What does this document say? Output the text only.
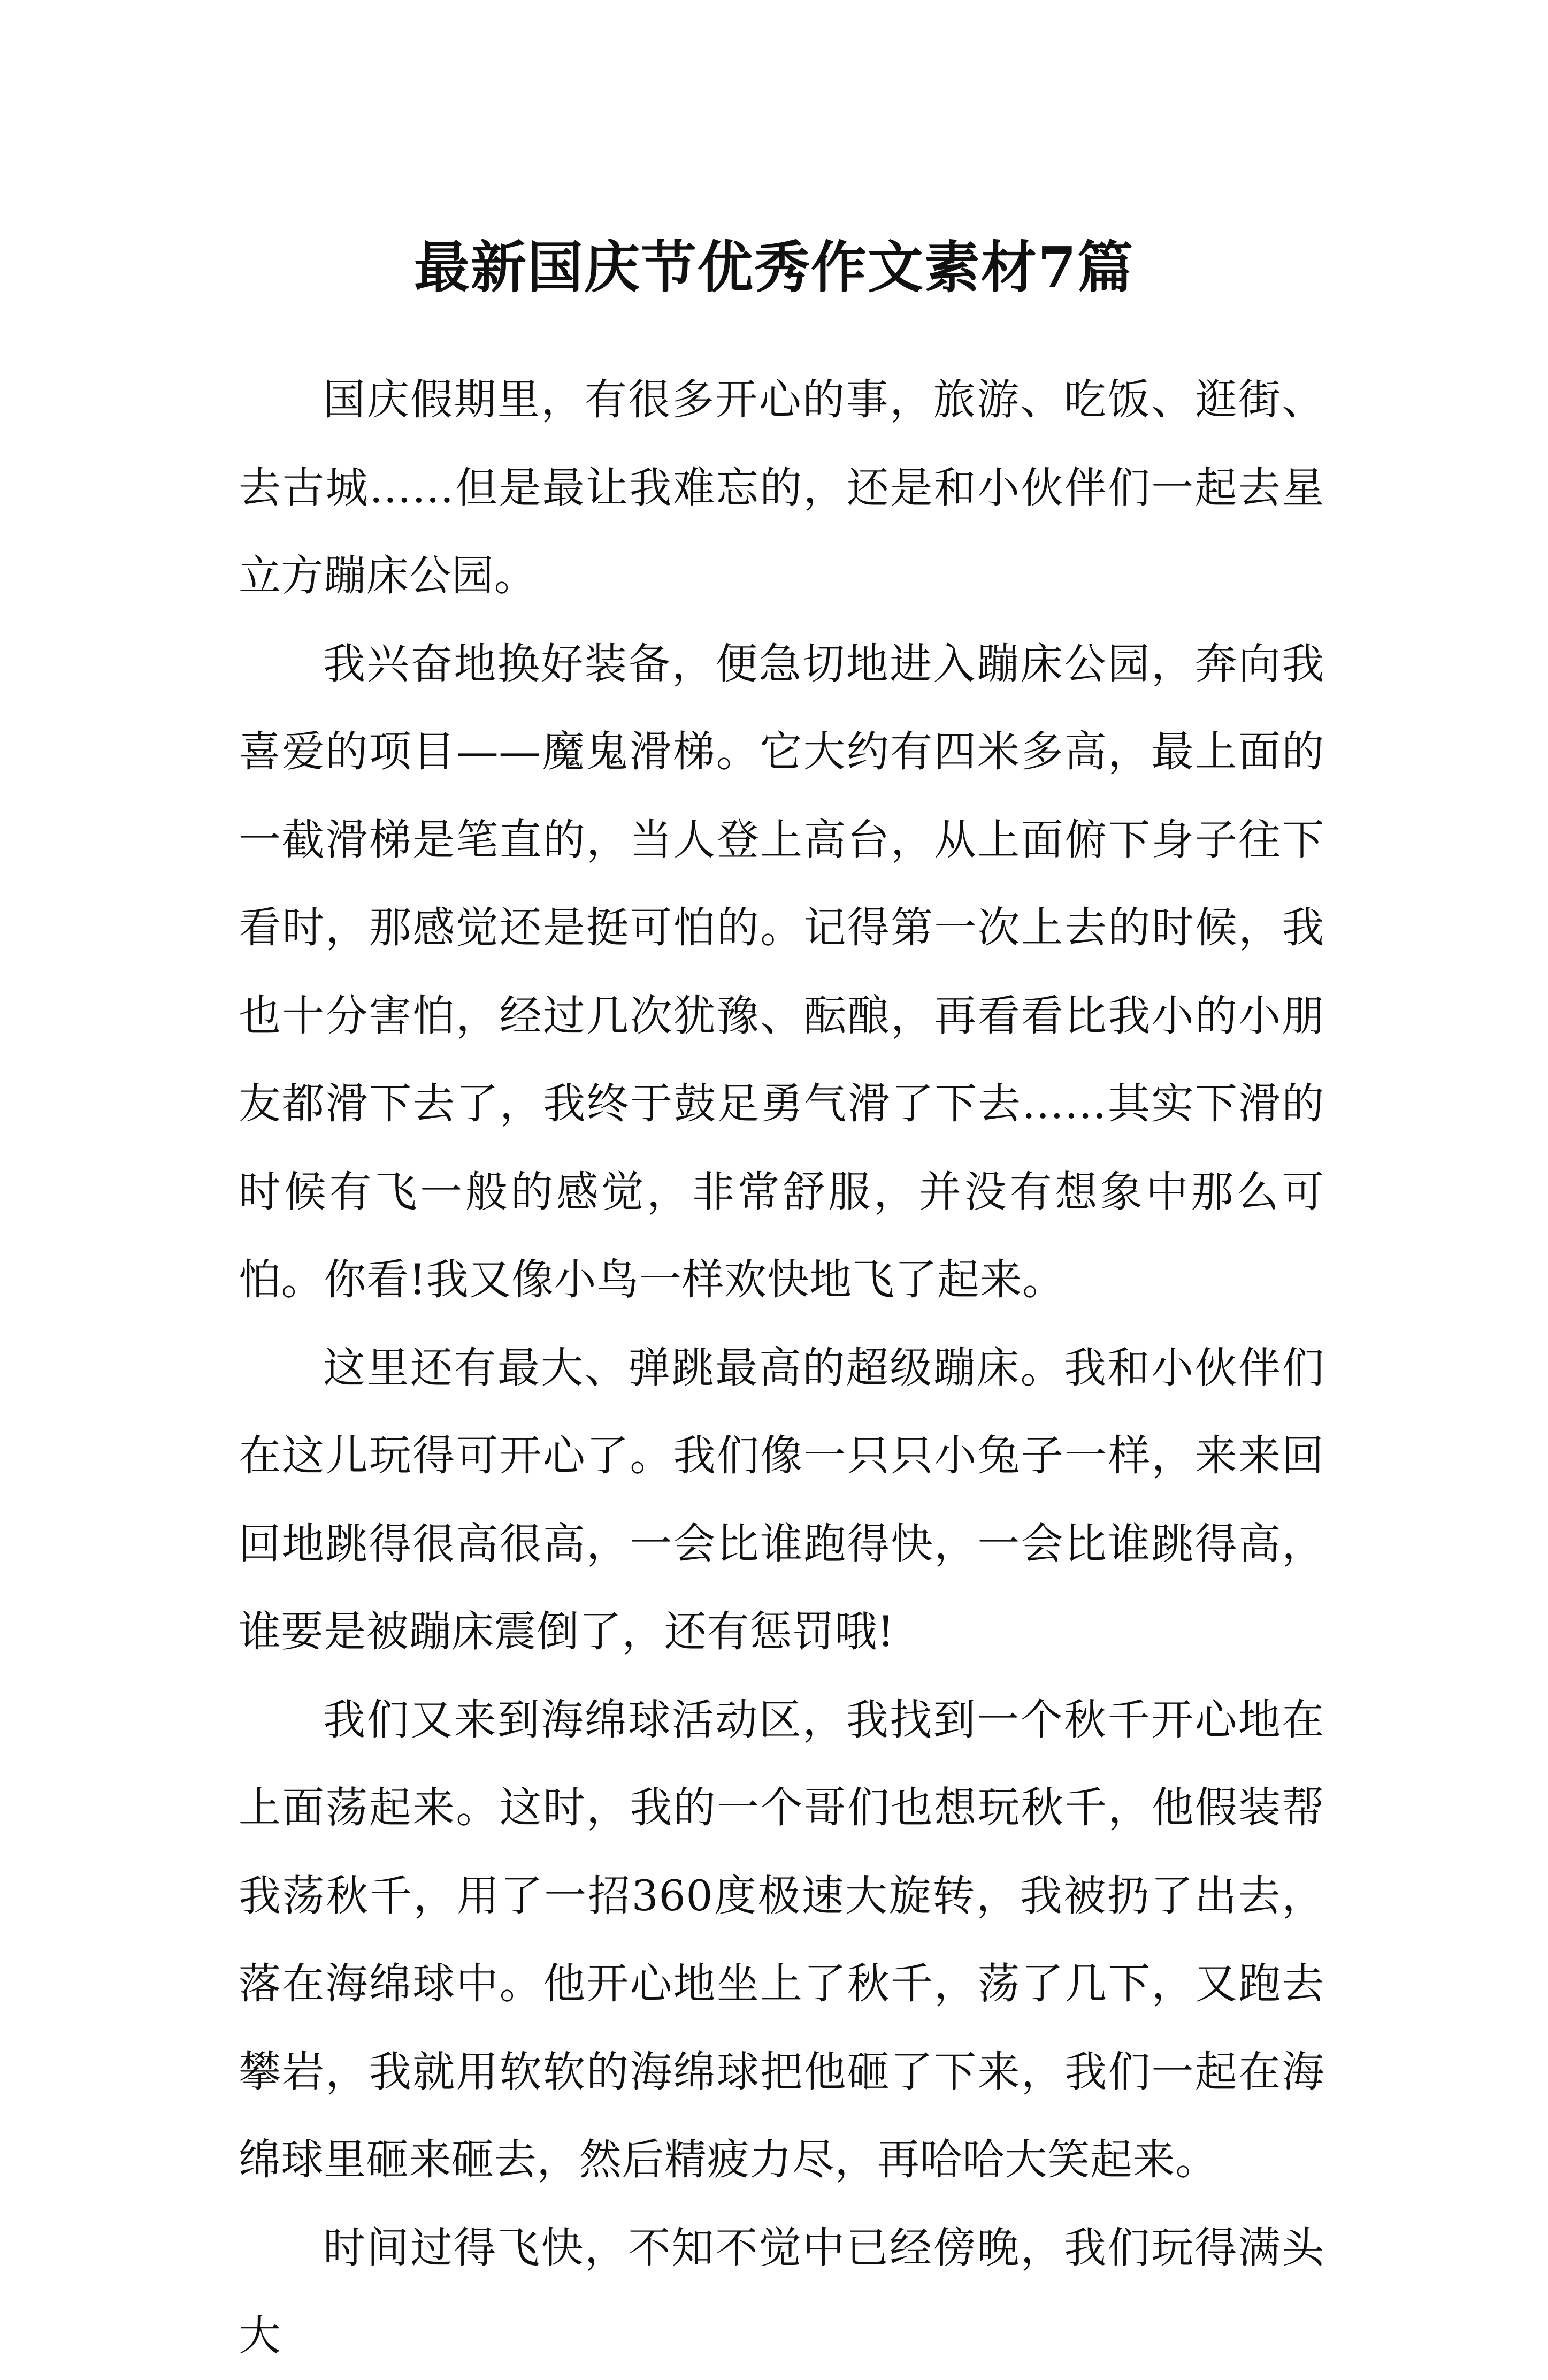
最新国庆节优秀作文素材7篇

国庆假期里，有很多开心的事，旅游、吃饭、逛街、去古城……但是最让我难忘的，还是和小伙伴们一起去星立方蹦床公园。

我兴奋地换好装备，便急切地进入蹦床公园，奔向我喜爱的项目——魔鬼滑梯。它大约有四米多高，最上面的一截滑梯是笔直的，当人登上高台，从上面俯下身子往下看时，那感觉还是挺可怕的。记得第一次上去的时候，我也十分害怕，经过几次犹豫、酝酿，再看看比我小的小朋友都滑下去了，我终于鼓足勇气滑了下去……其实下滑的时候有飞一般的感觉，非常舒服，并没有想象中那么可怕。你看!我又像小鸟一样欢快地飞了起来。

这里还有最大、弹跳最高的超级蹦床。我和小伙伴们在这儿玩得可开心了。我们像一只只小兔子一样，来来回回地跳得很高很高，一会比谁跑得快，一会比谁跳得高，谁要是被蹦床震倒了，还有惩罚哦!

我们又来到海绵球活动区，我找到一个秋千开心地在上面荡起来。这时，我的一个哥们也想玩秋千，他假装帮我荡秋千，用了一招360度极速大旋转，我被扔了出去，落在海绵球中。他开心地坐上了秋千，荡了几下，又跑去攀岩，我就用软软的海绵球把他砸了下来，我们一起在海绵球里砸来砸去，然后精疲力尽，再哈哈大笑起来。

时间过得飞快，不知不觉中已经傍晚，我们玩得满头大
